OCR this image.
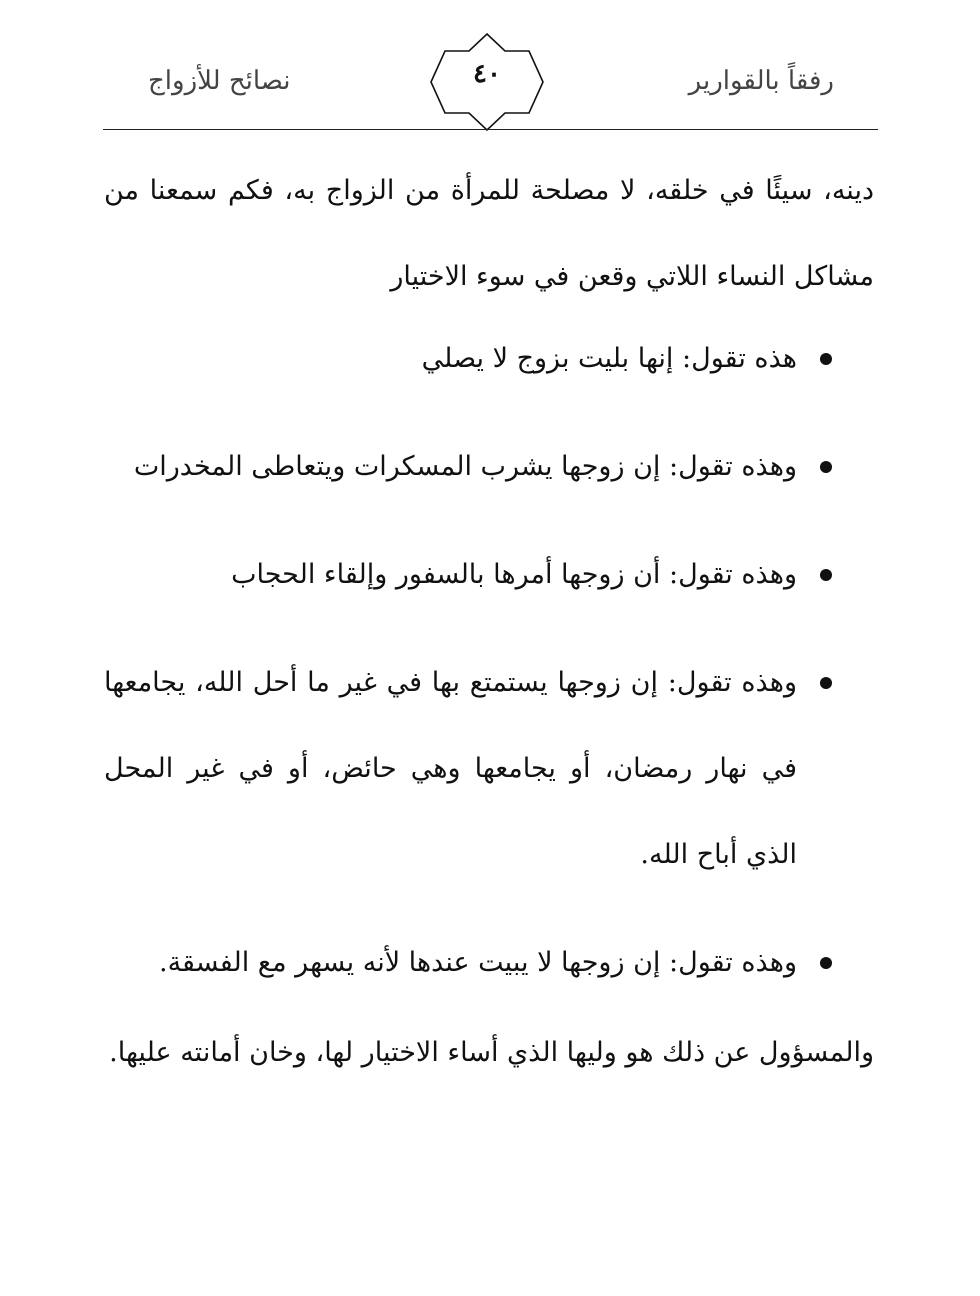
رفقاً بالقوارير
٤٠
نصائح للأزواج
دينه، سيئًا في خلقه، لا مصلحة للمرأة من الزواج به، فكم سمعنا من مشاكل النساء اللاتي وقعن في سوء الاختيار
هذه تقول: إنها بليت بزوج لا يصلي
وهذه تقول: إن زوجها يشرب المسكرات ويتعاطى المخدرات
وهذه تقول: أن زوجها أمرها بالسفور وإلقاء الحجاب
وهذه تقول: إن زوجها يستمتع بها في غير ما أحل الله، يجامعها في نهار رمضان، أو يجامعها وهي حائض، أو في غير المحل الذي أباح الله.
وهذه تقول: إن زوجها لا يبيت عندها لأنه يسهر مع الفسقة.
والمسؤول عن ذلك هو وليها الذي أساء الاختيار لها، وخان أمانته عليها.
